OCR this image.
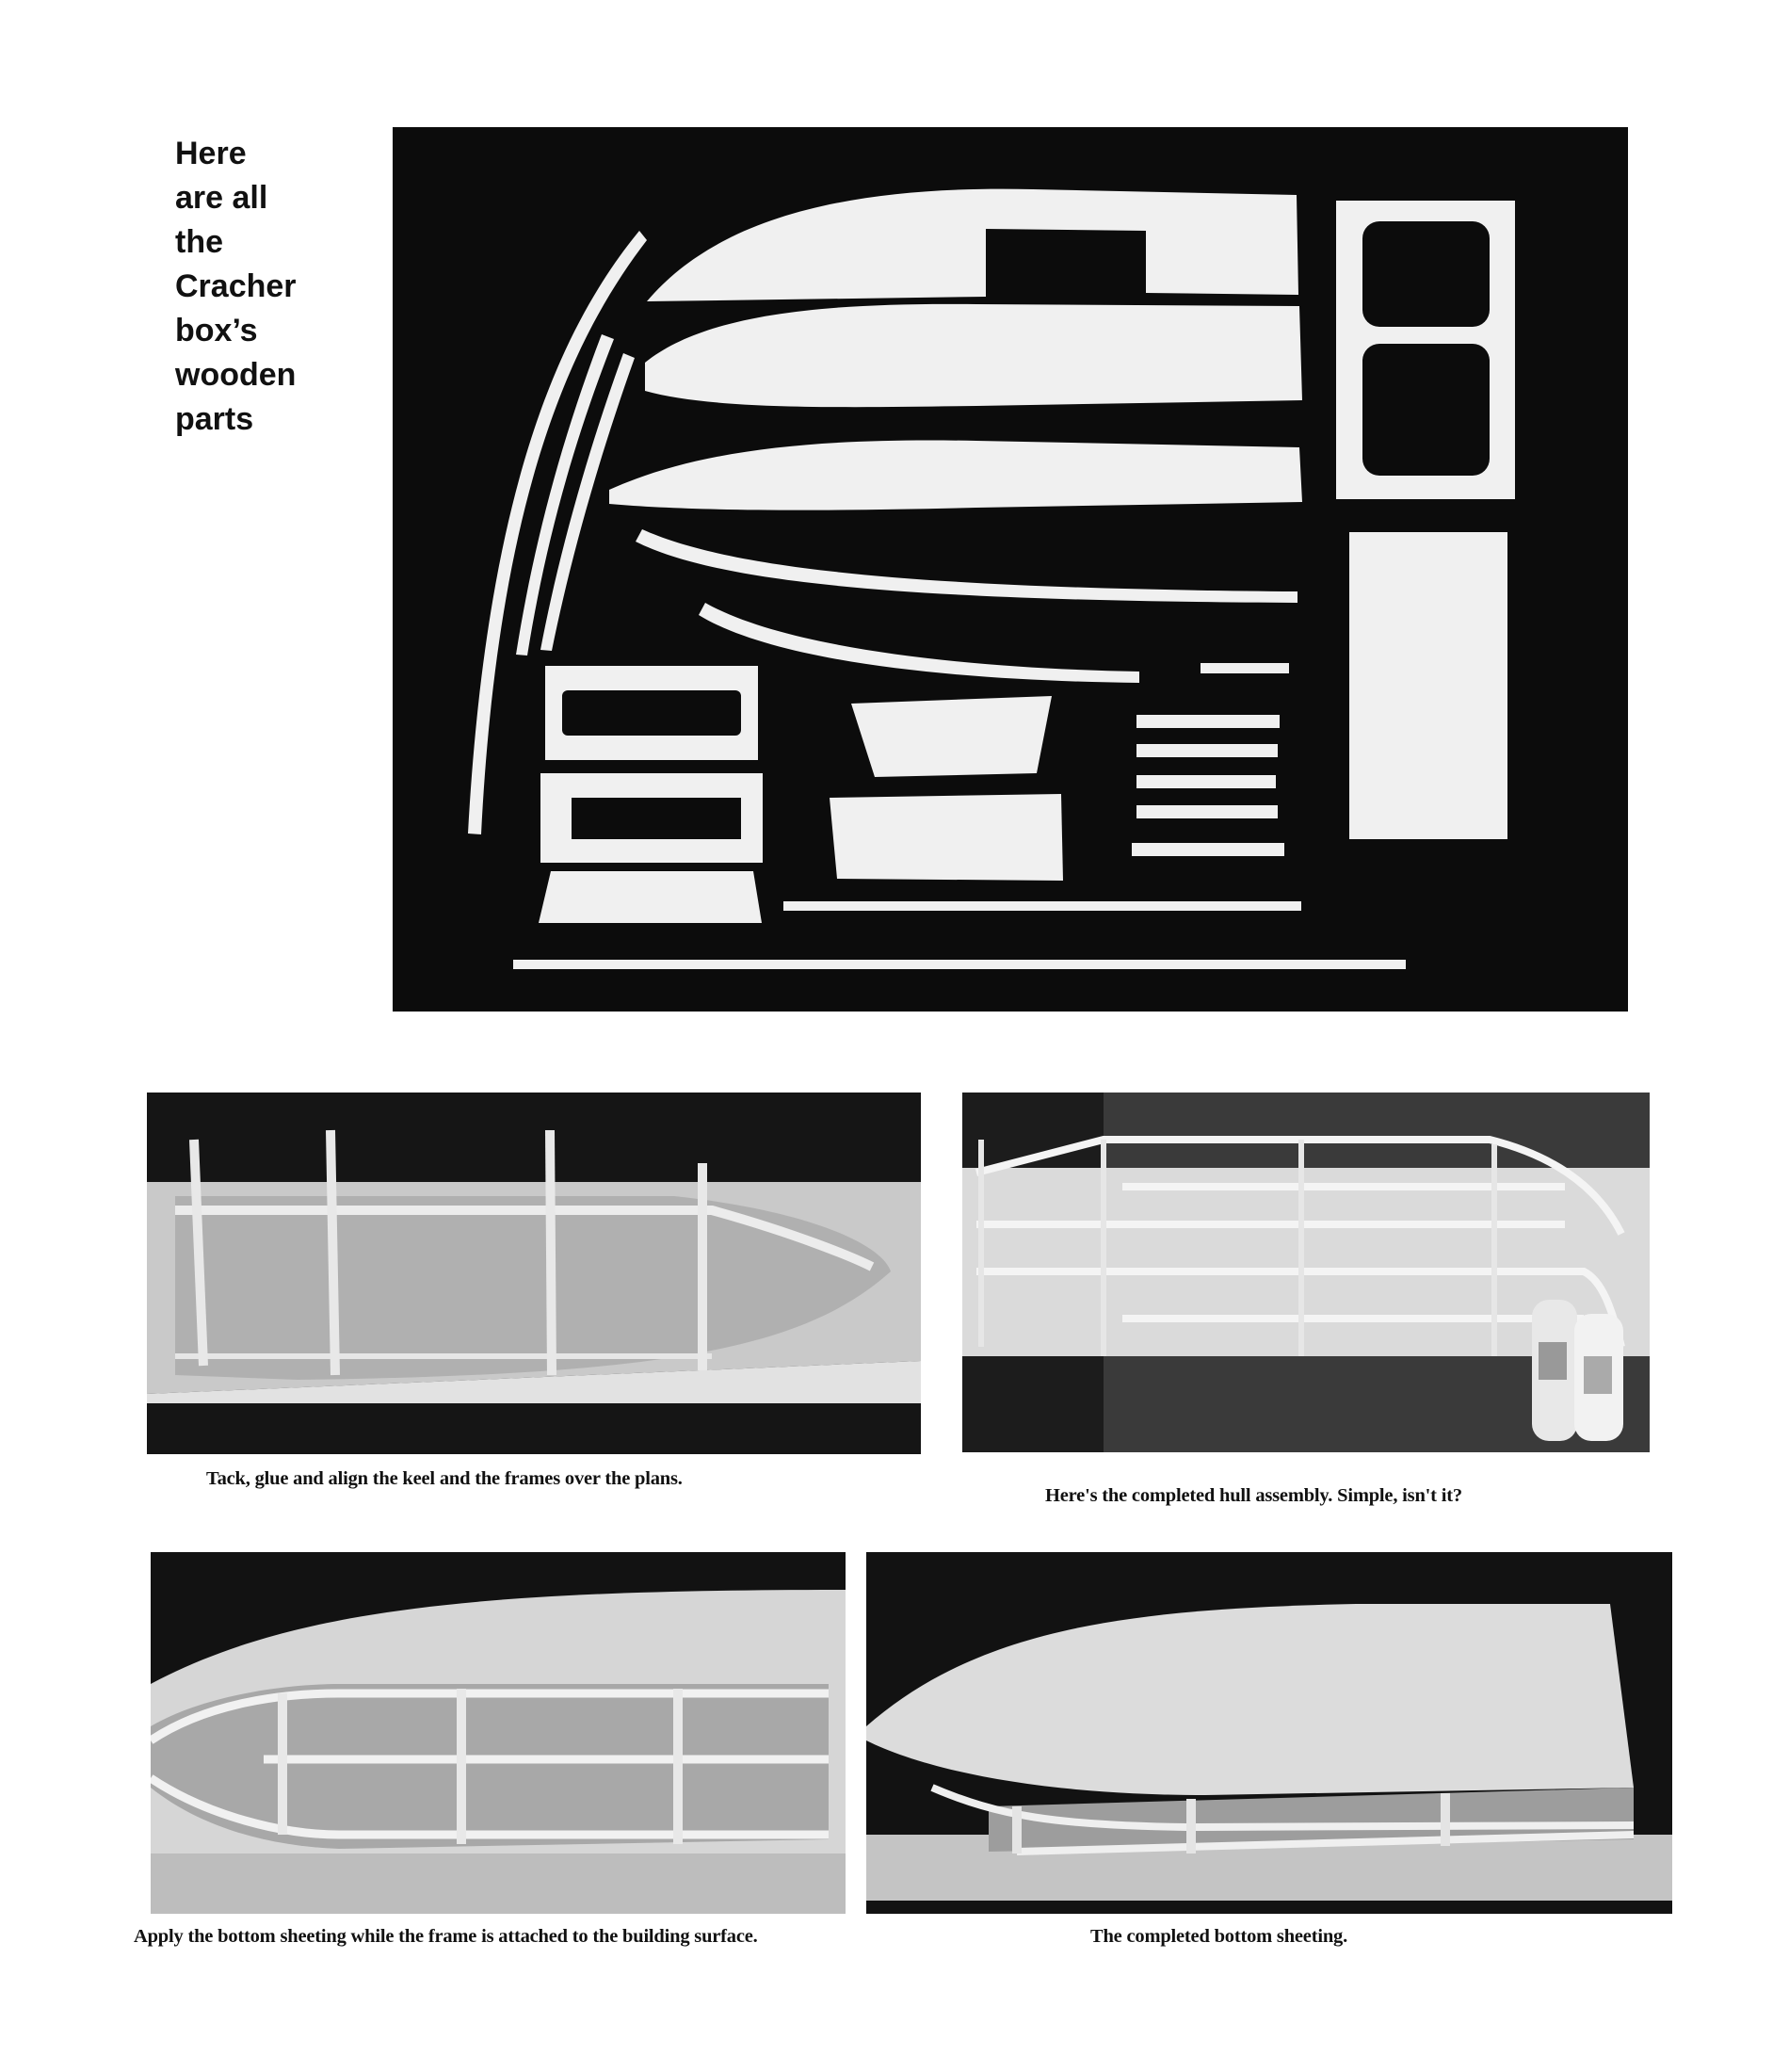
Here
are all
the
Cracher
box’s
wooden
parts
Tack, glue and align the keel and the frames over the plans.
Here's the completed hull assembly. Simple, isn't it?
Apply the bottom sheeting while the frame is attached to the building surface.	The completed bottom sheeting.
